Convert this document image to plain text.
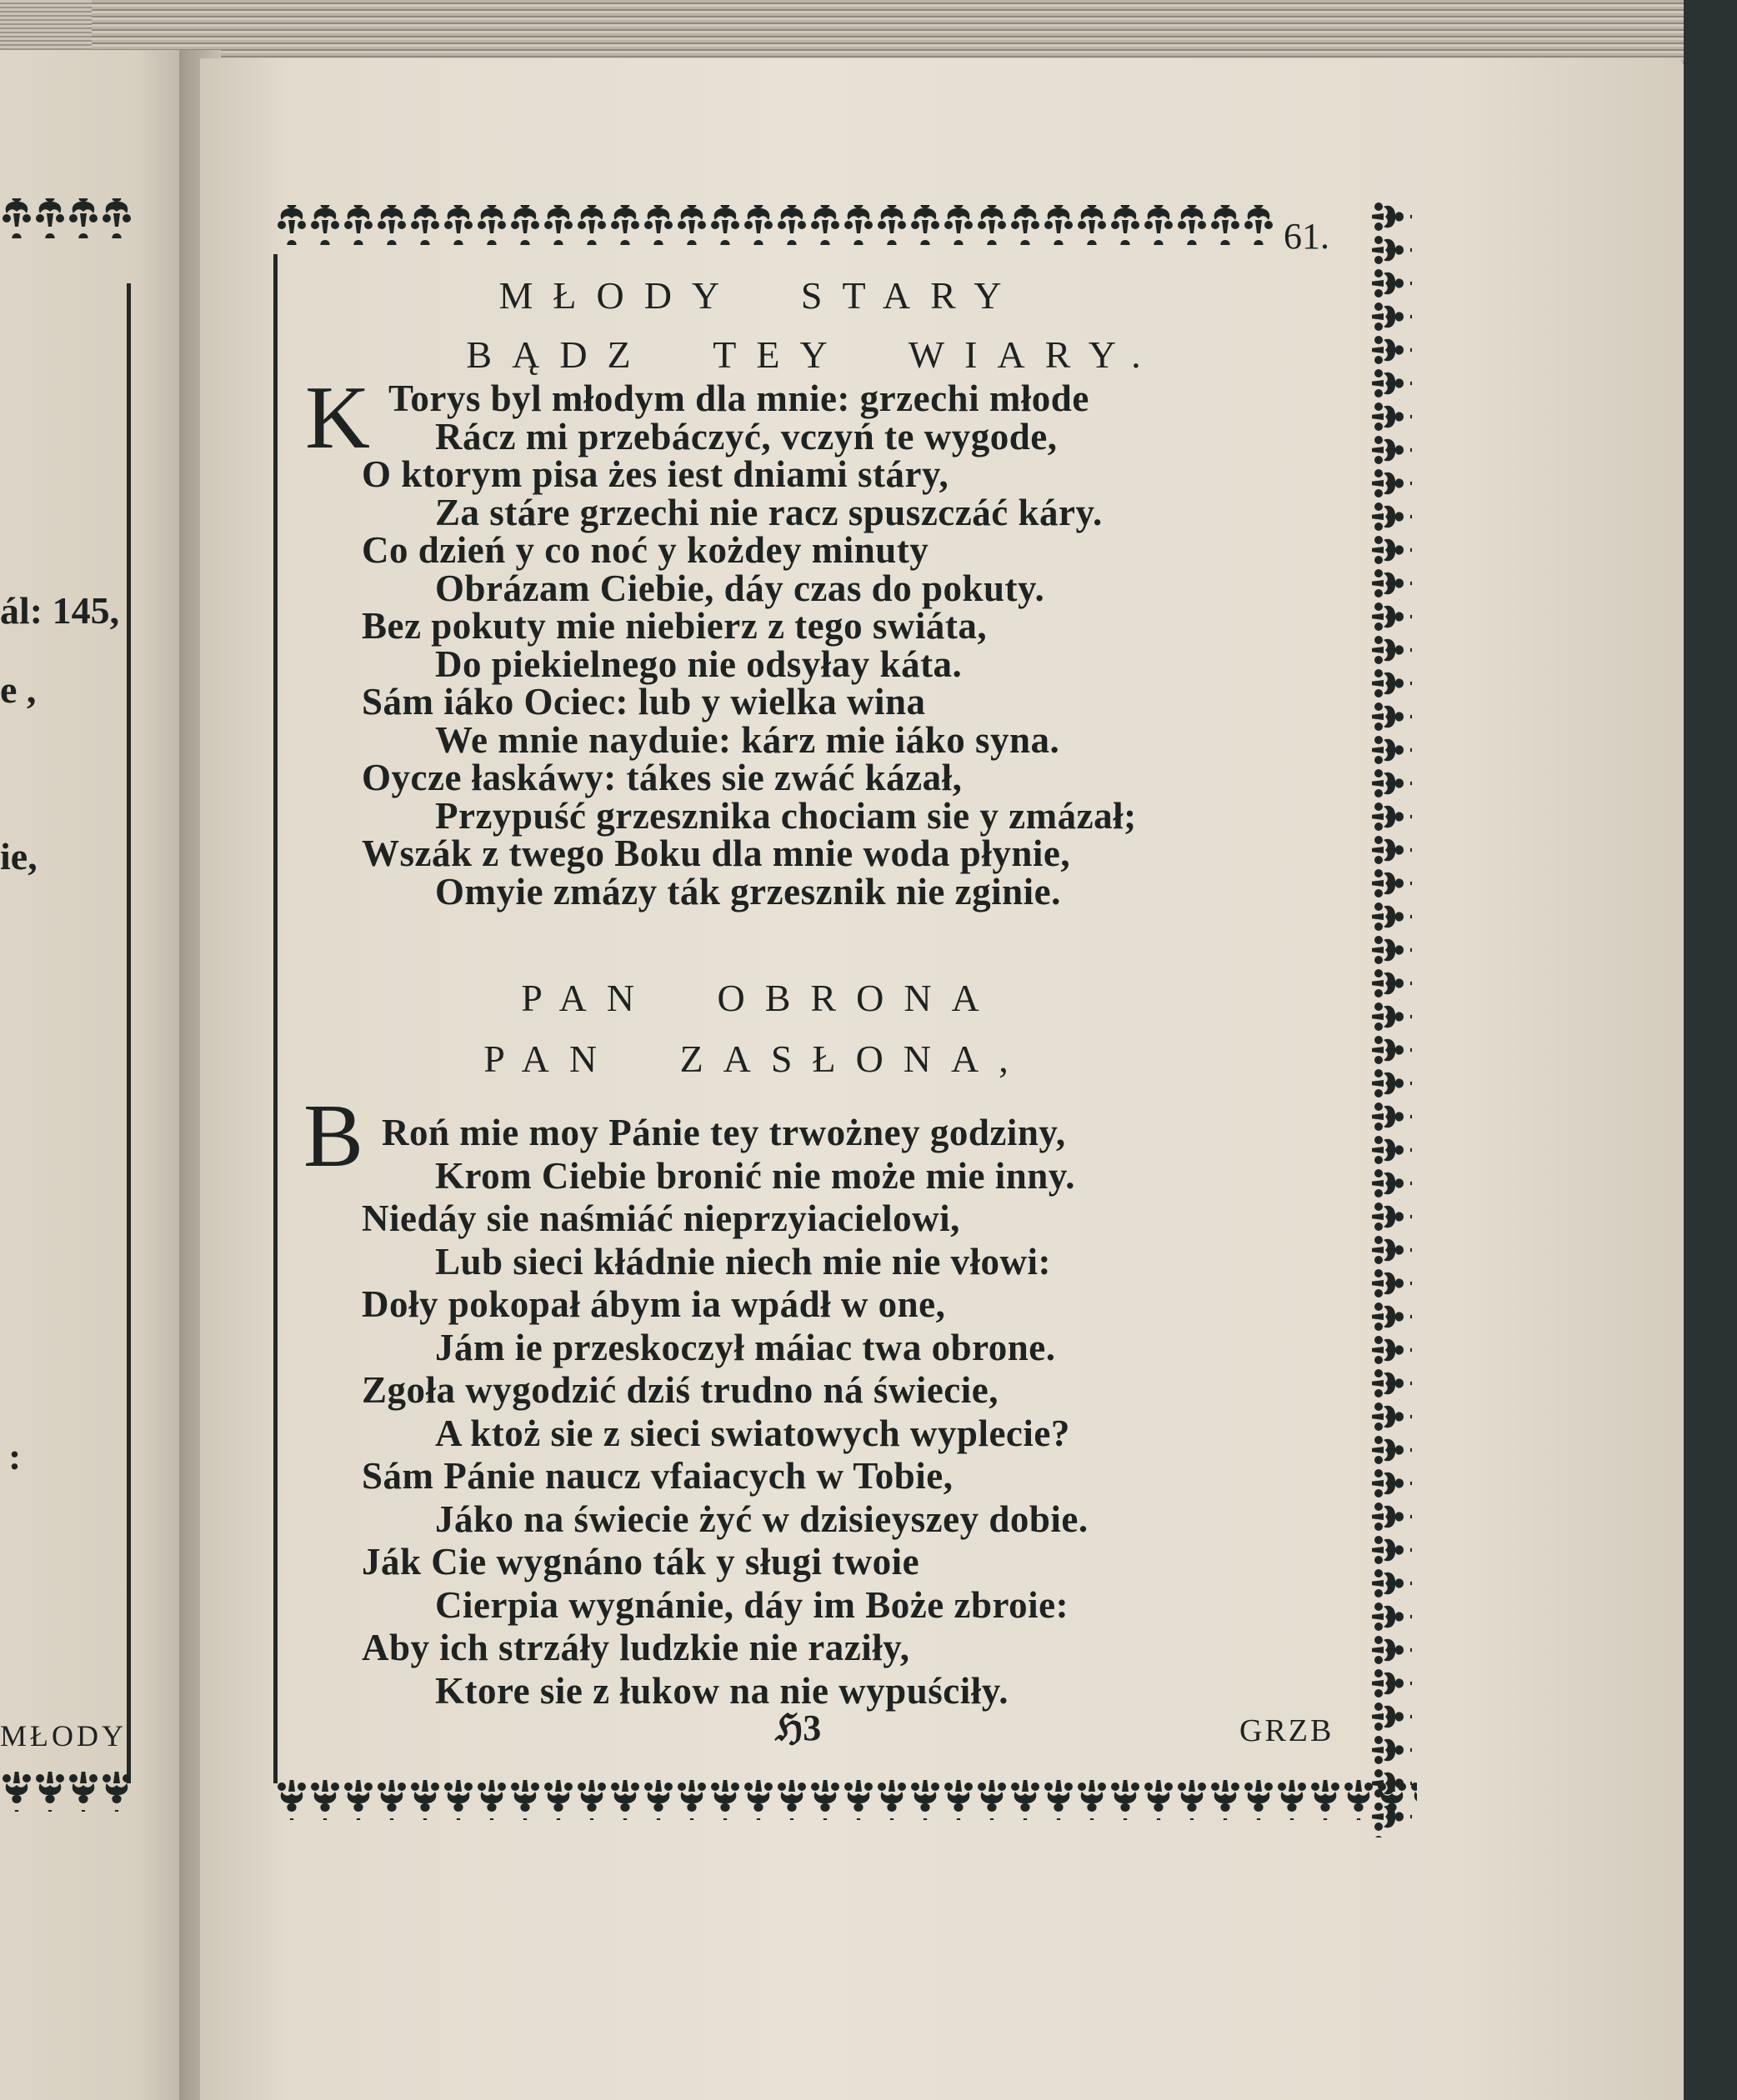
ál: 145,
e ,
ie,
:
MŁODY
61.
MŁODY STARY
BĄDZ TEY WIARY.
K Torys byl młodym dla mnie: grzechi młode
Rácz mi przebáczyć, vczyń te wygode,
O ktorym pisa żes iest dniami stáry,
Za stáre grzechi nie racz spuszczáć káry.
Co dzień y co noć y kożdey minuty
Obrázam Ciebie, dáy czas do pokuty.
Bez pokuty mie niebierz z tego swiáta,
Do piekielnego nie odsyłay káta.
Sám iáko Ociec: lub y wielka wina
We mnie nayduie: kárz mie iáko syna.
Oycze łaskáwy: tákes sie zwáć kázał,
Przypuść grzesznika chociam sie y zmázał;
Wszák z twego Boku dla mnie woda płynie,
Omyie zmázy ták grzesznik nie zginie.
PAN OBRONA
PAN ZASŁONA,
B Roń mie moy Pánie tey trwożney godziny,
Krom Ciebie bronić nie może mie inny.
Niedáy sie naśmiáć nieprzyiacielowi,
Lub sieci kłádnie niech mie nie vłowi:
Doły pokopał ábym ia wpádł w one,
Jám ie przeskoczył máiac twa obrone.
Zgoła wygodzić dziś trudno ná świecie,
A ktoż sie z sieci swiatowych wyplecie?
Sám Pánie naucz vfaiacych w Tobie,
Jáko na świecie żyć w dzisieyszey dobie.
Ják Cie wygnáno ták y sługi twoie
Cierpia wygnánie, dáy im Boże zbroie:
Aby ich strzáły ludzkie nie raziły,
Ktore sie z łukow na nie wypuściły.
ℌ3	GRZB
